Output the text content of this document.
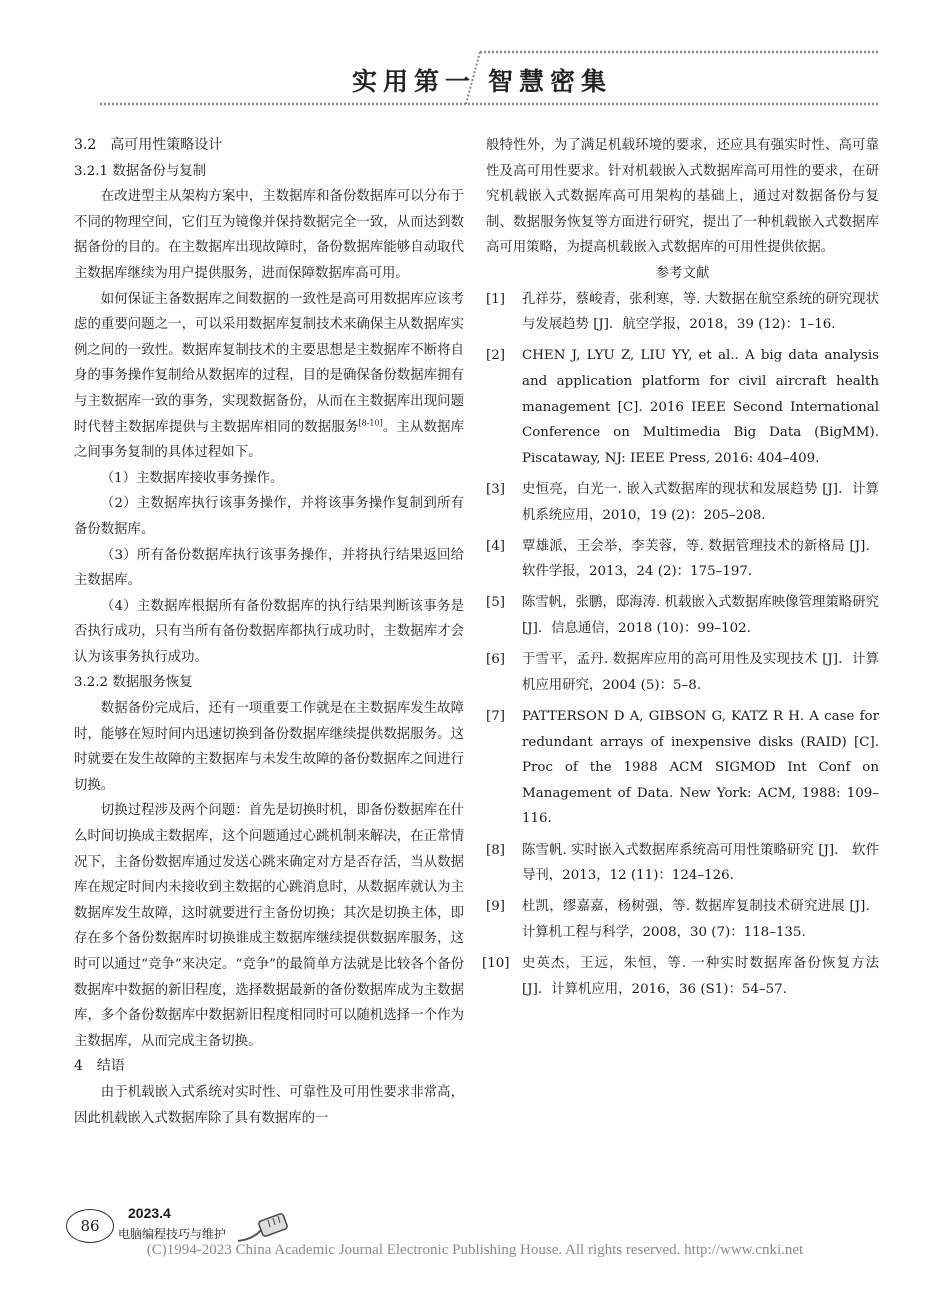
实用第一 智慧密集

3.2　高可用性策略设计

3.2.1 数据备份与复制

在改进型主从架构方案中，主数据库和备份数据库可以分布于不同的物理空间，它们互为镜像并保持数据完全一致，从而达到数据备份的目的。在主数据库出现故障时，备份数据库能够自动取代主数据库继续为用户提供服务，进而保障数据库高可用。

如何保证主备数据库之间数据的一致性是高可用数据库应该考虑的重要问题之一，可以采用数据库复制技术来确保主从数据库实例之间的一致性。数据库复制技术的主要思想是主数据库不断将自身的事务操作复制给从数据库的过程，目的是确保备份数据库拥有与主数据库一致的事务，实现数据备份，从而在主数据库出现问题时代替主数据库提供与主数据库相同的数据服务[8-10]。主从数据库之间事务复制的具体过程如下。

（1）主数据库接收事务操作。

（2）主数据库执行该事务操作，并将该事务操作复制到所有备份数据库。

（3）所有备份数据库执行该事务操作，并将执行结果返回给主数据库。

（4）主数据库根据所有备份数据库的执行结果判断该事务是否执行成功，只有当所有备份数据库都执行成功时，主数据库才会认为该事务执行成功。

3.2.2 数据服务恢复

数据备份完成后，还有一项重要工作就是在主数据库发生故障时，能够在短时间内迅速切换到备份数据库继续提供数据服务。这时就要在发生故障的主数据库与未发生故障的备份数据库之间进行切换。

切换过程涉及两个问题：首先是切换时机，即备份数据库在什么时间切换成主数据库，这个问题通过心跳机制来解决，在正常情况下，主备份数据库通过发送心跳来确定对方是否存活，当从数据库在规定时间内未接收到主数据的心跳消息时，从数据库就认为主数据库发生故障，这时就要进行主备份切换；其次是切换主体，即存在多个备份数据库时切换谁成主数据库继续提供数据库服务，这时可以通过“竞争”来决定。“竞争”的最简单方法就是比较各个备份数据库中数据的新旧程度，选择数据最新的备份数据库成为主数据库，多个备份数据库中数据新旧程度相同时可以随机选择一个作为主数据库，从而完成主备切换。

4　结语

由于机载嵌入式系统对实时性、可靠性及可用性要求非常高，因此机载嵌入式数据库除了具有数据库的一

般特性外，为了满足机载环境的要求，还应具有强实时性、高可靠性及高可用性要求。针对机载嵌入式数据库高可用性的要求，在研究机载嵌入式数据库高可用架构的基础上，通过对数据备份与复制、数据服务恢复等方面进行研究，提出了一种机载嵌入式数据库高可用策略，为提高机载嵌入式数据库的可用性提供依据。

参考文献

[1] 孔祥芬，蔡峻青，张利寒，等. 大数据在航空系统的研究现状与发展趋势 [J]．航空学报，2018，39 (12)：1–16.

[2] CHEN J, LYU Z, LIU YY, et al.. A big data analysis and application platform for civil aircraft health management [C]. 2016 IEEE Second International Conference on Multimedia Big Data (BigMM). Piscataway, NJ: IEEE Press, 2016: 404–409.

[3] 史恒亮，白光一. 嵌入式数据库的现状和发展趋势 [J]．计算机系统应用，2010，19 (2)：205–208.

[4] 覃雄派，王会举，李芙蓉，等. 数据管理技术的新格局 [J]．软件学报，2013，24 (2)：175–197.

[5] 陈雪帆，张鹏，邸海涛. 机载嵌入式数据库映像管理策略研究 [J]．信息通信，2018 (10)：99–102.

[6] 于雪平，孟丹. 数据库应用的高可用性及实现技术 [J]．计算机应用研究，2004 (5)：5–8.

[7] PATTERSON D A, GIBSON G, KATZ R H. A case for redundant arrays of inexpensive disks (RAID) [C]. Proc of the 1988 ACM SIGMOD Int Conf on Management of Data. New York: ACM, 1988: 109–116.

[8] 陈雪帆. 实时嵌入式数据库系统高可用性策略研究 [J]． 软件导刊，2013，12 (11)：124–126.

[9] 杜凯，缪嘉嘉，杨树强，等. 数据库复制技术研究进展 [J]．计算机工程与科学，2008，30 (7)：118–135.

[10] 史英杰，王远，朱恒，等. 一种实时数据库备份恢复方法 [J]．计算机应用，2016，36 (S1)：54–57.

86
2023.4
电脑编程技巧与维护
(C)1994-2023 China Academic Journal Electronic Publishing House. All rights reserved. http://www.cnki.net
